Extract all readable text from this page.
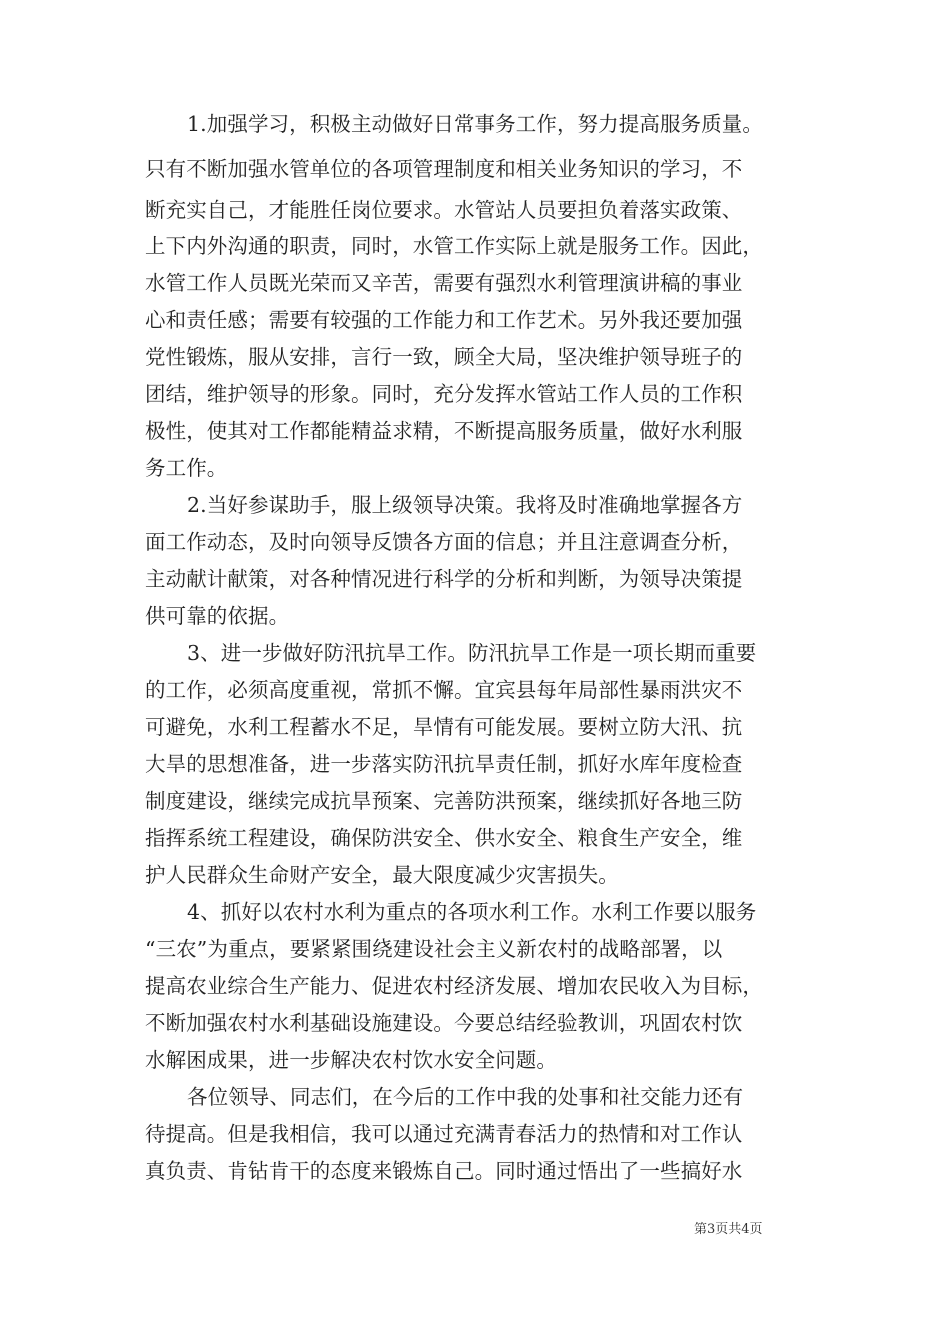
1.加强学习，积极主动做好日常事务工作，努力提高服务质量。
只有不断加强水管单位的各项管理制度和相关业务知识的学习，不
断充实自己，才能胜任岗位要求。水管站人员要担负着落实政策、
上下内外沟通的职责，同时，水管工作实际上就是服务工作。因此，
水管工作人员既光荣而又辛苦，需要有强烈水利管理演讲稿的事业
心和责任感；需要有较强的工作能力和工作艺术。另外我还要加强
党性锻炼，服从安排，言行一致，顾全大局，坚决维护领导班子的
团结，维护领导的形象。同时，充分发挥水管站工作人员的工作积
极性，使其对工作都能精益求精，不断提高服务质量，做好水利服
务工作。
2.当好参谋助手，服上级领导决策。我将及时准确地掌握各方
面工作动态，及时向领导反馈各方面的信息；并且注意调查分析，
主动献计献策，对各种情况进行科学的分析和判断，为领导决策提
供可靠的依据。
3、进一步做好防汛抗旱工作。防汛抗旱工作是一项长期而重要
的工作，必须高度重视，常抓不懈。宜宾县每年局部性暴雨洪灾不
可避免，水利工程蓄水不足，旱情有可能发展。要树立防大汛、抗
大旱的思想准备，进一步落实防汛抗旱责任制，抓好水库年度检查
制度建设，继续完成抗旱预案、完善防洪预案，继续抓好各地三防
指挥系统工程建设，确保防洪安全、供水安全、粮食生产安全，维
护人民群众生命财产安全，最大限度减少灾害损失。
4、抓好以农村水利为重点的各项水利工作。水利工作要以服务
“三农”为重点，要紧紧围绕建设社会主义新农村的战略部署，以
提高农业综合生产能力、促进农村经济发展、增加农民收入为目标，
不断加强农村水利基础设施建设。今要总结经验教训，巩固农村饮
水解困成果，进一步解决农村饮水安全问题。
各位领导、同志们，在今后的工作中我的处事和社交能力还有
待提高。但是我相信，我可以通过充满青春活力的热情和对工作认
真负责、肯钻肯干的态度来锻炼自己。同时通过悟出了一些搞好水
第3页共4页
